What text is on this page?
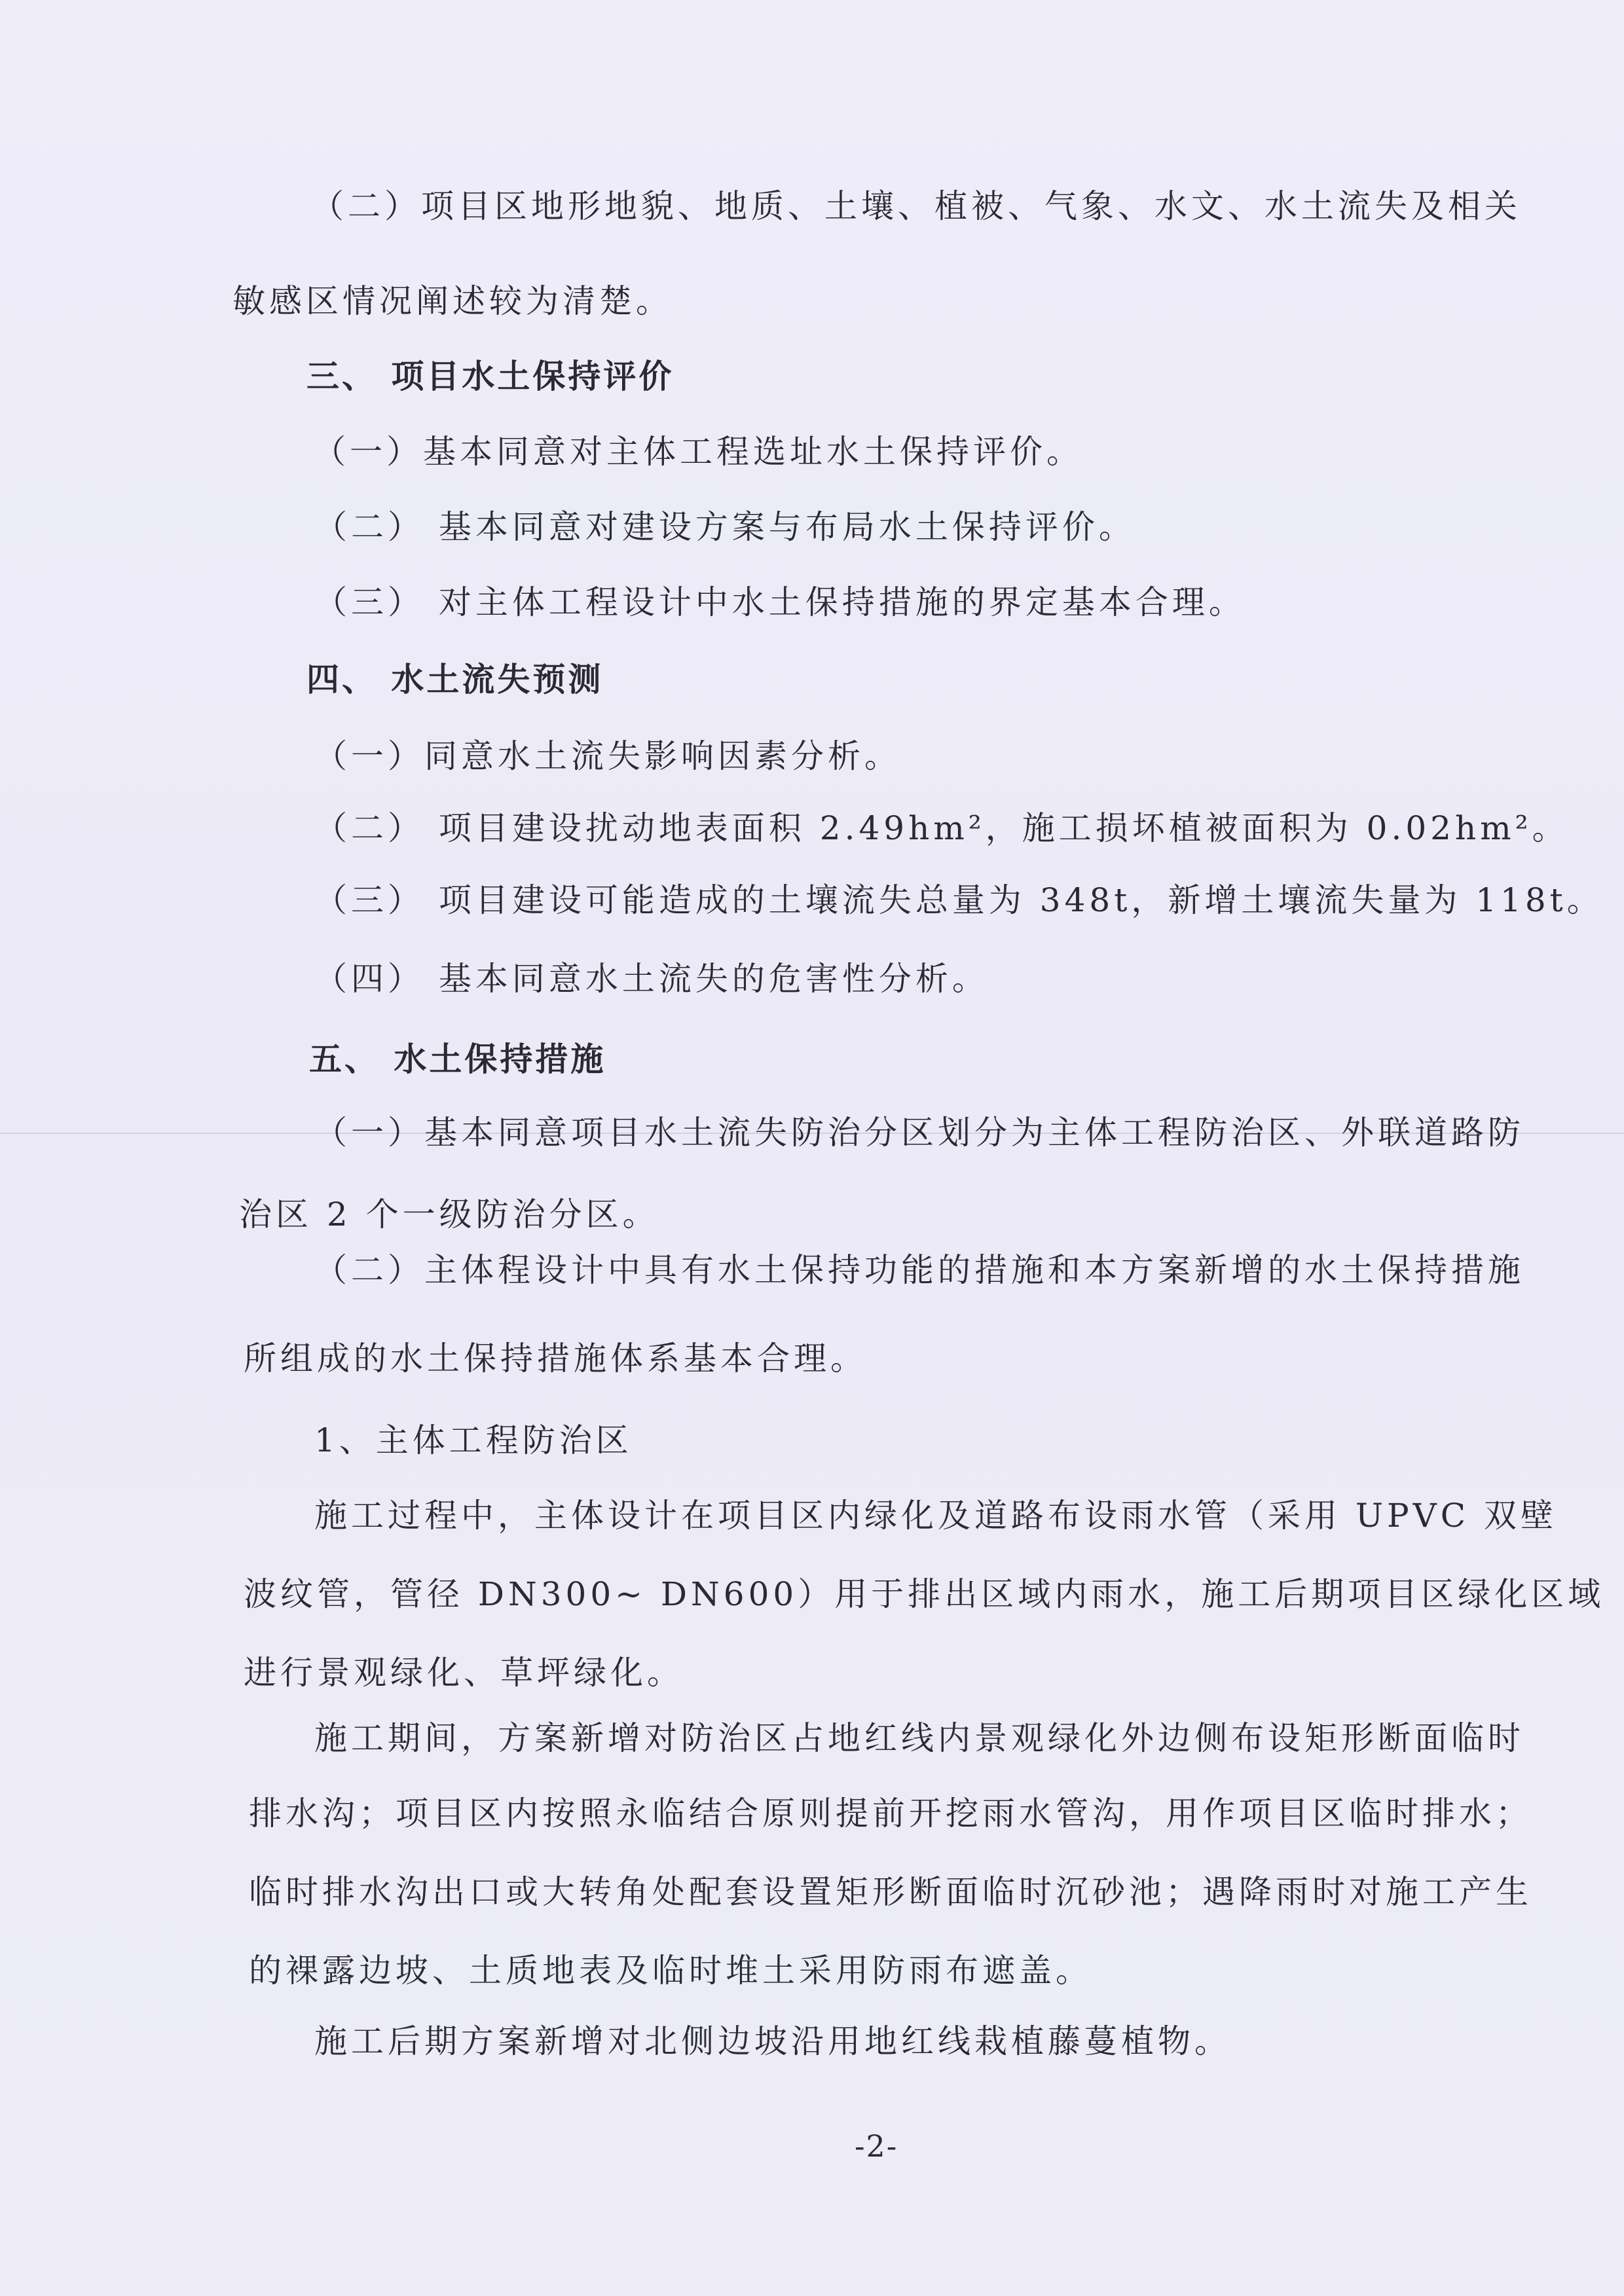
（二）项目区地形地貌、地质、土壤、植被、气象、水文、水土流失及相关
敏感区情况阐述较为清楚。
三、 项目水土保持评价
（一）基本同意对主体工程选址水土保持评价。
（二） 基本同意对建设方案与布局水土保持评价。
（三） 对主体工程设计中水土保持措施的界定基本合理。
四、 水土流失预测
（一）同意水土流失影响因素分析。
（二） 项目建设扰动地表面积 2.49hm²，施工损坏植被面积为 0.02hm²。
（三） 项目建设可能造成的土壤流失总量为 348t，新增土壤流失量为 118t。
（四） 基本同意水土流失的危害性分析。
五、 水土保持措施
（一）基本同意项目水土流失防治分区划分为主体工程防治区、外联道路防
治区 2 个一级防治分区。
（二）主体程设计中具有水土保持功能的措施和本方案新增的水土保持措施
所组成的水土保持措施体系基本合理。
1、主体工程防治区
施工过程中，主体设计在项目区内绿化及道路布设雨水管（采用 UPVC 双壁
波纹管，管径 DN300~ DN600）用于排出区域内雨水，施工后期项目区绿化区域
进行景观绿化、草坪绿化。
施工期间，方案新增对防治区占地红线内景观绿化外边侧布设矩形断面临时
排水沟；项目区内按照永临结合原则提前开挖雨水管沟，用作项目区临时排水；
临时排水沟出口或大转角处配套设置矩形断面临时沉砂池；遇降雨时对施工产生
的裸露边坡、土质地表及临时堆土采用防雨布遮盖。
施工后期方案新增对北侧边坡沿用地红线栽植藤蔓植物。
-2-
